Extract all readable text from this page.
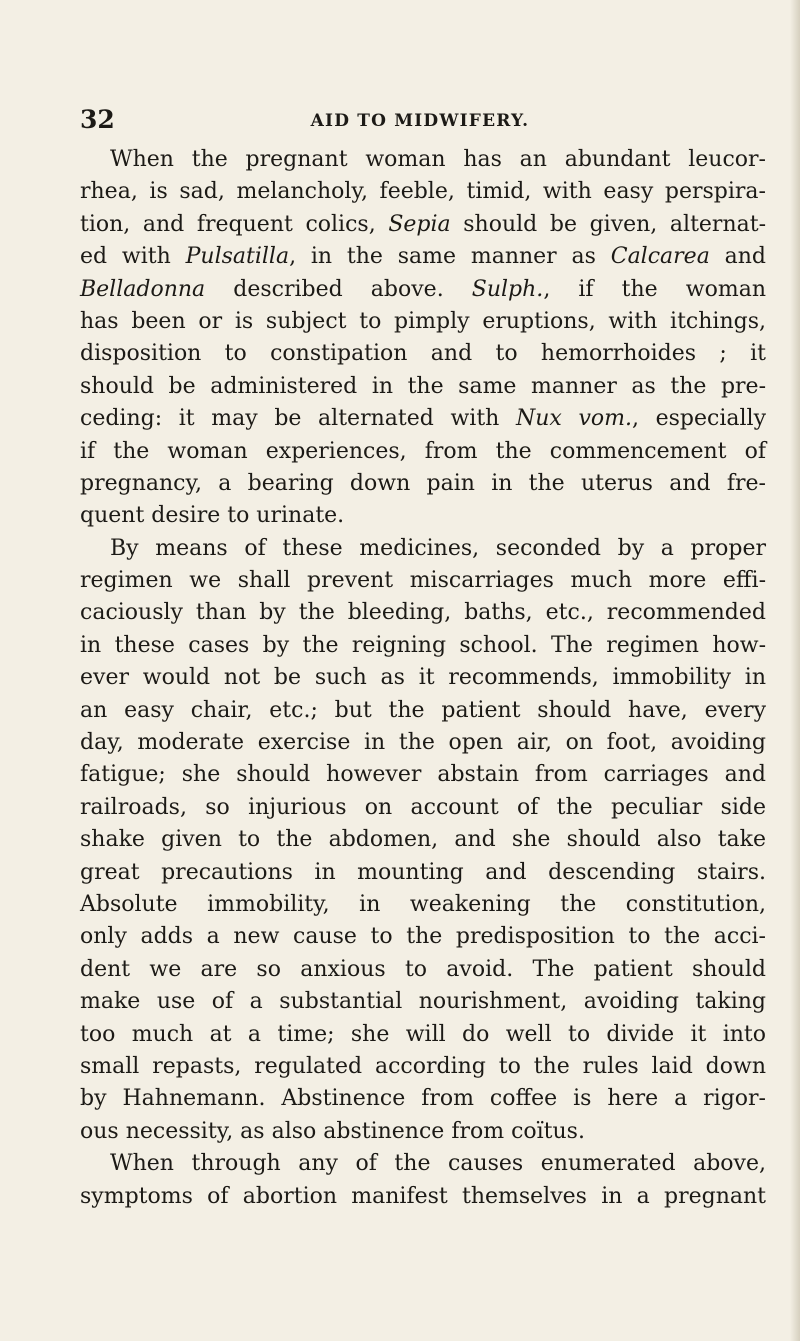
32	AID TO MIDWIFERY.
When the pregnant woman has an abundant leucor-
rhea, is sad, melancholy, feeble, timid, with easy perspira-
tion, and frequent colics, Sepia should be given, alternat-
ed with Pulsatilla, in the same manner as Calcarea and
Belladonna described above. Sulph., if the woman
has been or is subject to pimply eruptions, with itchings,
disposition to constipation and to hemorrhoides ; it
should be administered in the same manner as the pre-
ceding: it may be alternated with Nux vom., especially
if the woman experiences, from the commencement of
pregnancy, a bearing down pain in the uterus and fre-
quent desire to urinate.
By means of these medicines, seconded by a proper
regimen we shall prevent miscarriages much more effi-
caciously than by the bleeding, baths, etc., recommended
in these cases by the reigning school. The regimen how-
ever would not be such as it recommends, immobility in
an easy chair, etc.; but the patient should have, every
day, moderate exercise in the open air, on foot, avoiding
fatigue; she should however abstain from carriages and
railroads, so injurious on account of the peculiar side
shake given to the abdomen, and she should also take
great precautions in mounting and descending stairs.
Absolute immobility, in weakening the constitution,
only adds a new cause to the predisposition to the acci-
dent we are so anxious to avoid. The patient should
make use of a substantial nourishment, avoiding taking
too much at a time; she will do well to divide it into
small repasts, regulated according to the rules laid down
by Hahnemann. Abstinence from coffee is here a rigor-
ous necessity, as also abstinence from coïtus.
When through any of the causes enumerated above,
symptoms of abortion manifest themselves in a pregnant
